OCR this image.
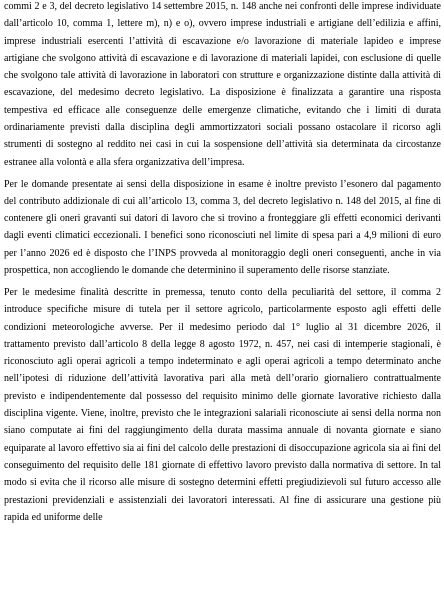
commi 2 e 3, del decreto legislativo 14 settembre 2015, n. 148 anche nei confronti delle imprese individuate dall’articolo 10, comma 1, lettere m), n) e o), ovvero imprese industriali e artigiane dell’edilizia e affini, imprese industriali esercenti l’attività di escavazione e/o lavorazione di materiale lapideo e imprese artigiane che svolgono attività di escavazione e di lavorazione di materiali lapidei, con esclusione di quelle che svolgono tale attività di lavorazione in laboratori con strutture e organizzazione distinte dalla attività di escavazione, del medesimo decreto legislativo. La disposizione è finalizzata a garantire una risposta tempestiva ed efficace alle conseguenze delle emergenze climatiche, evitando che i limiti di durata ordinariamente previsti dalla disciplina degli ammortizzatori sociali possano ostacolare il ricorso agli strumenti di sostegno al reddito nei casi in cui la sospensione dell’attività sia determinata da circostanze estranee alla volontà e alla sfera organizzativa dell’impresa.

Per le domande presentate ai sensi della disposizione in esame è inoltre previsto l’esonero dal pagamento del contributo addizionale di cui all’articolo 13, comma 3, del decreto legislativo n. 148 del 2015, al fine di contenere gli oneri gravanti sui datori di lavoro che si trovino a fronteggiare gli effetti economici derivanti dagli eventi climatici eccezionali. I benefici sono riconosciuti nel limite di spesa pari a 4,9 milioni di euro per l’anno 2026 ed è disposto che l’INPS provveda al monitoraggio degli oneri conseguenti, anche in via prospettica, non accogliendo le domande che determinino il superamento delle risorse stanziate.

Per le medesime finalità descritte in premessa, tenuto conto della peculiarità del settore, il comma 2 introduce specifiche misure di tutela per il settore agricolo, particolarmente esposto agli effetti delle condizioni meteorologiche avverse. Per il medesimo periodo dal 1° luglio al 31 dicembre 2026, il trattamento previsto dall’articolo 8 della legge 8 agosto 1972, n. 457, nei casi di intemperie stagionali, è riconosciuto agli operai agricoli a tempo indeterminato e agli operai agricoli a tempo determinato anche nell’ipotesi di riduzione dell’attività lavorativa pari alla metà dell’orario giornaliero contrattualmente previsto e indipendentemente dal possesso del requisito minimo delle giornate lavorative richiesto dalla disciplina vigente. Viene, inoltre, previsto che le integrazioni salariali riconosciute ai sensi della norma non siano computate ai fini del raggiungimento della durata massima annuale di novanta giornate e siano equiparate al lavoro effettivo sia ai fini del calcolo delle prestazioni di disoccupazione agricola sia ai fini del conseguimento del requisito delle 181 giornate di effettivo lavoro previsto dalla normativa di settore. In tal modo si evita che il ricorso alle misure di sostegno determini effetti pregiudizievoli sul futuro accesso alle prestazioni previdenziali e assistenziali dei lavoratori interessati. Al fine di assicurare una gestione più rapida ed uniforme delle
